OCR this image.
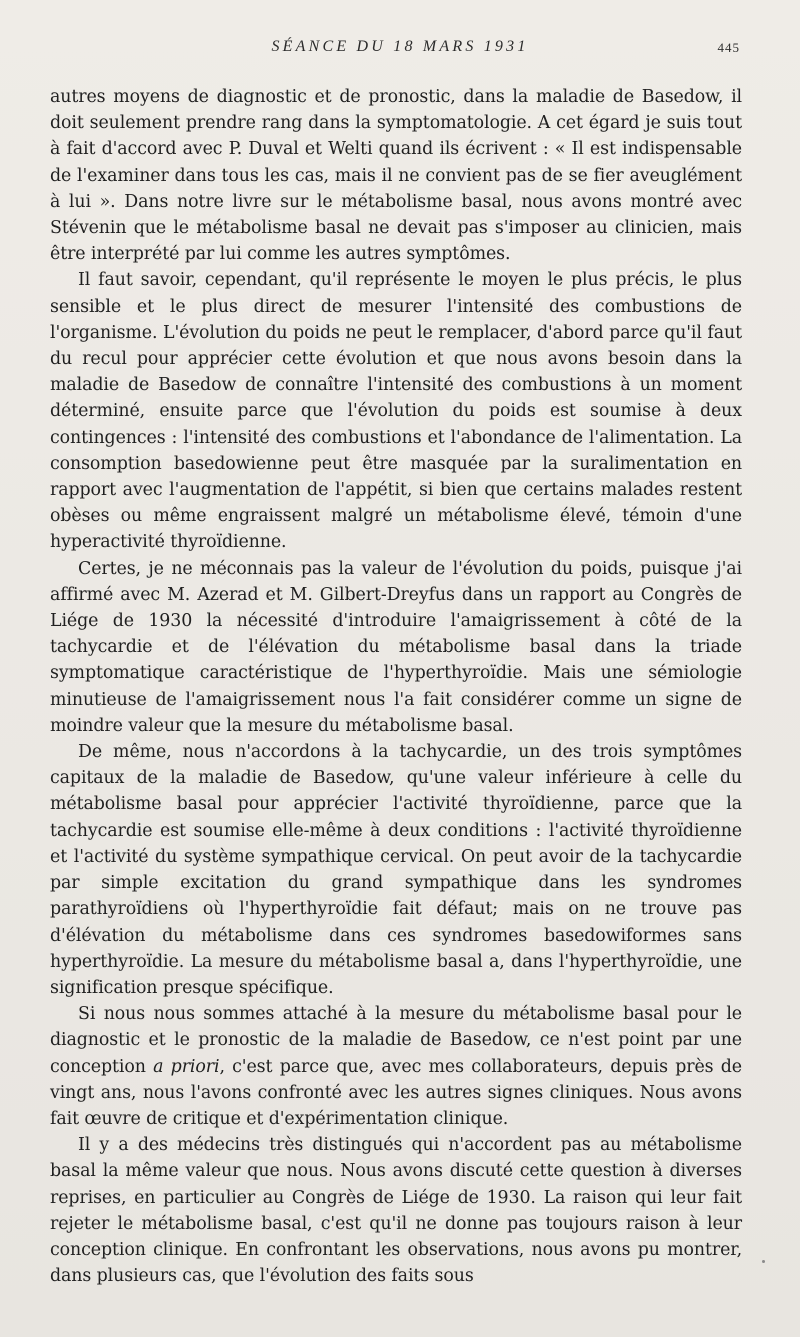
SÉANCE DU 18 MARS 1931	445

autres moyens de diagnostic et de pronostic, dans la maladie de Basedow, il doit seulement prendre rang dans la symptomatologie. A cet égard je suis tout à fait d'accord avec P. Duval et Welti quand ils écrivent : « Il est indispensable de l'examiner dans tous les cas, mais il ne convient pas de se fier aveuglément à lui ». Dans notre livre sur le métabolisme basal, nous avons montré avec Stévenin que le métabolisme basal ne devait pas s'imposer au clinicien, mais être interprété par lui comme les autres symptômes.

Il faut savoir, cependant, qu'il représente le moyen le plus précis, le plus sensible et le plus direct de mesurer l'intensité des combustions de l'organisme. L'évolution du poids ne peut le remplacer, d'abord parce qu'il faut du recul pour apprécier cette évolution et que nous avons besoin dans la maladie de Basedow de connaître l'intensité des combustions à un moment déterminé, ensuite parce que l'évolution du poids est soumise à deux contingences : l'intensité des combustions et l'abondance de l'alimentation. La consomption basedowienne peut être masquée par la suralimentation en rapport avec l'augmentation de l'appétit, si bien que certains malades restent obèses ou même engraissent malgré un métabolisme élevé, témoin d'une hyperactivité thyroïdienne.

Certes, je ne méconnais pas la valeur de l'évolution du poids, puisque j'ai affirmé avec M. Azerad et M. Gilbert-Dreyfus dans un rapport au Congrès de Liége de 1930 la nécessité d'introduire l'amaigrissement à côté de la tachycardie et de l'élévation du métabolisme basal dans la triade symptomatique caractéristique de l'hyperthyroïdie. Mais une sémiologie minutieuse de l'amaigrissement nous l'a fait considérer comme un signe de moindre valeur que la mesure du métabolisme basal.

De même, nous n'accordons à la tachycardie, un des trois symptômes capitaux de la maladie de Basedow, qu'une valeur inférieure à celle du métabolisme basal pour apprécier l'activité thyroïdienne, parce que la tachycardie est soumise elle-même à deux conditions : l'activité thyroïdienne et l'activité du système sympathique cervical. On peut avoir de la tachycardie par simple excitation du grand sympathique dans les syndromes parathyroïdiens où l'hyperthyroïdie fait défaut; mais on ne trouve pas d'élévation du métabolisme dans ces syndromes basedowiformes sans hyperthyroïdie. La mesure du métabolisme basal a, dans l'hyperthyroïdie, une signification presque spécifique.

Si nous nous sommes attaché à la mesure du métabolisme basal pour le diagnostic et le pronostic de la maladie de Basedow, ce n'est point par une conception a priori, c'est parce que, avec mes collaborateurs, depuis près de vingt ans, nous l'avons confronté avec les autres signes cliniques. Nous avons fait œuvre de critique et d'expérimentation clinique.

Il y a des médecins très distingués qui n'accordent pas au métabolisme basal la même valeur que nous. Nous avons discuté cette question à diverses reprises, en particulier au Congrès de Liége de 1930. La raison qui leur fait rejeter le métabolisme basal, c'est qu'il ne donne pas toujours raison à leur conception clinique. En confrontant les observations, nous avons pu montrer, dans plusieurs cas, que l'évolution des faits sous
